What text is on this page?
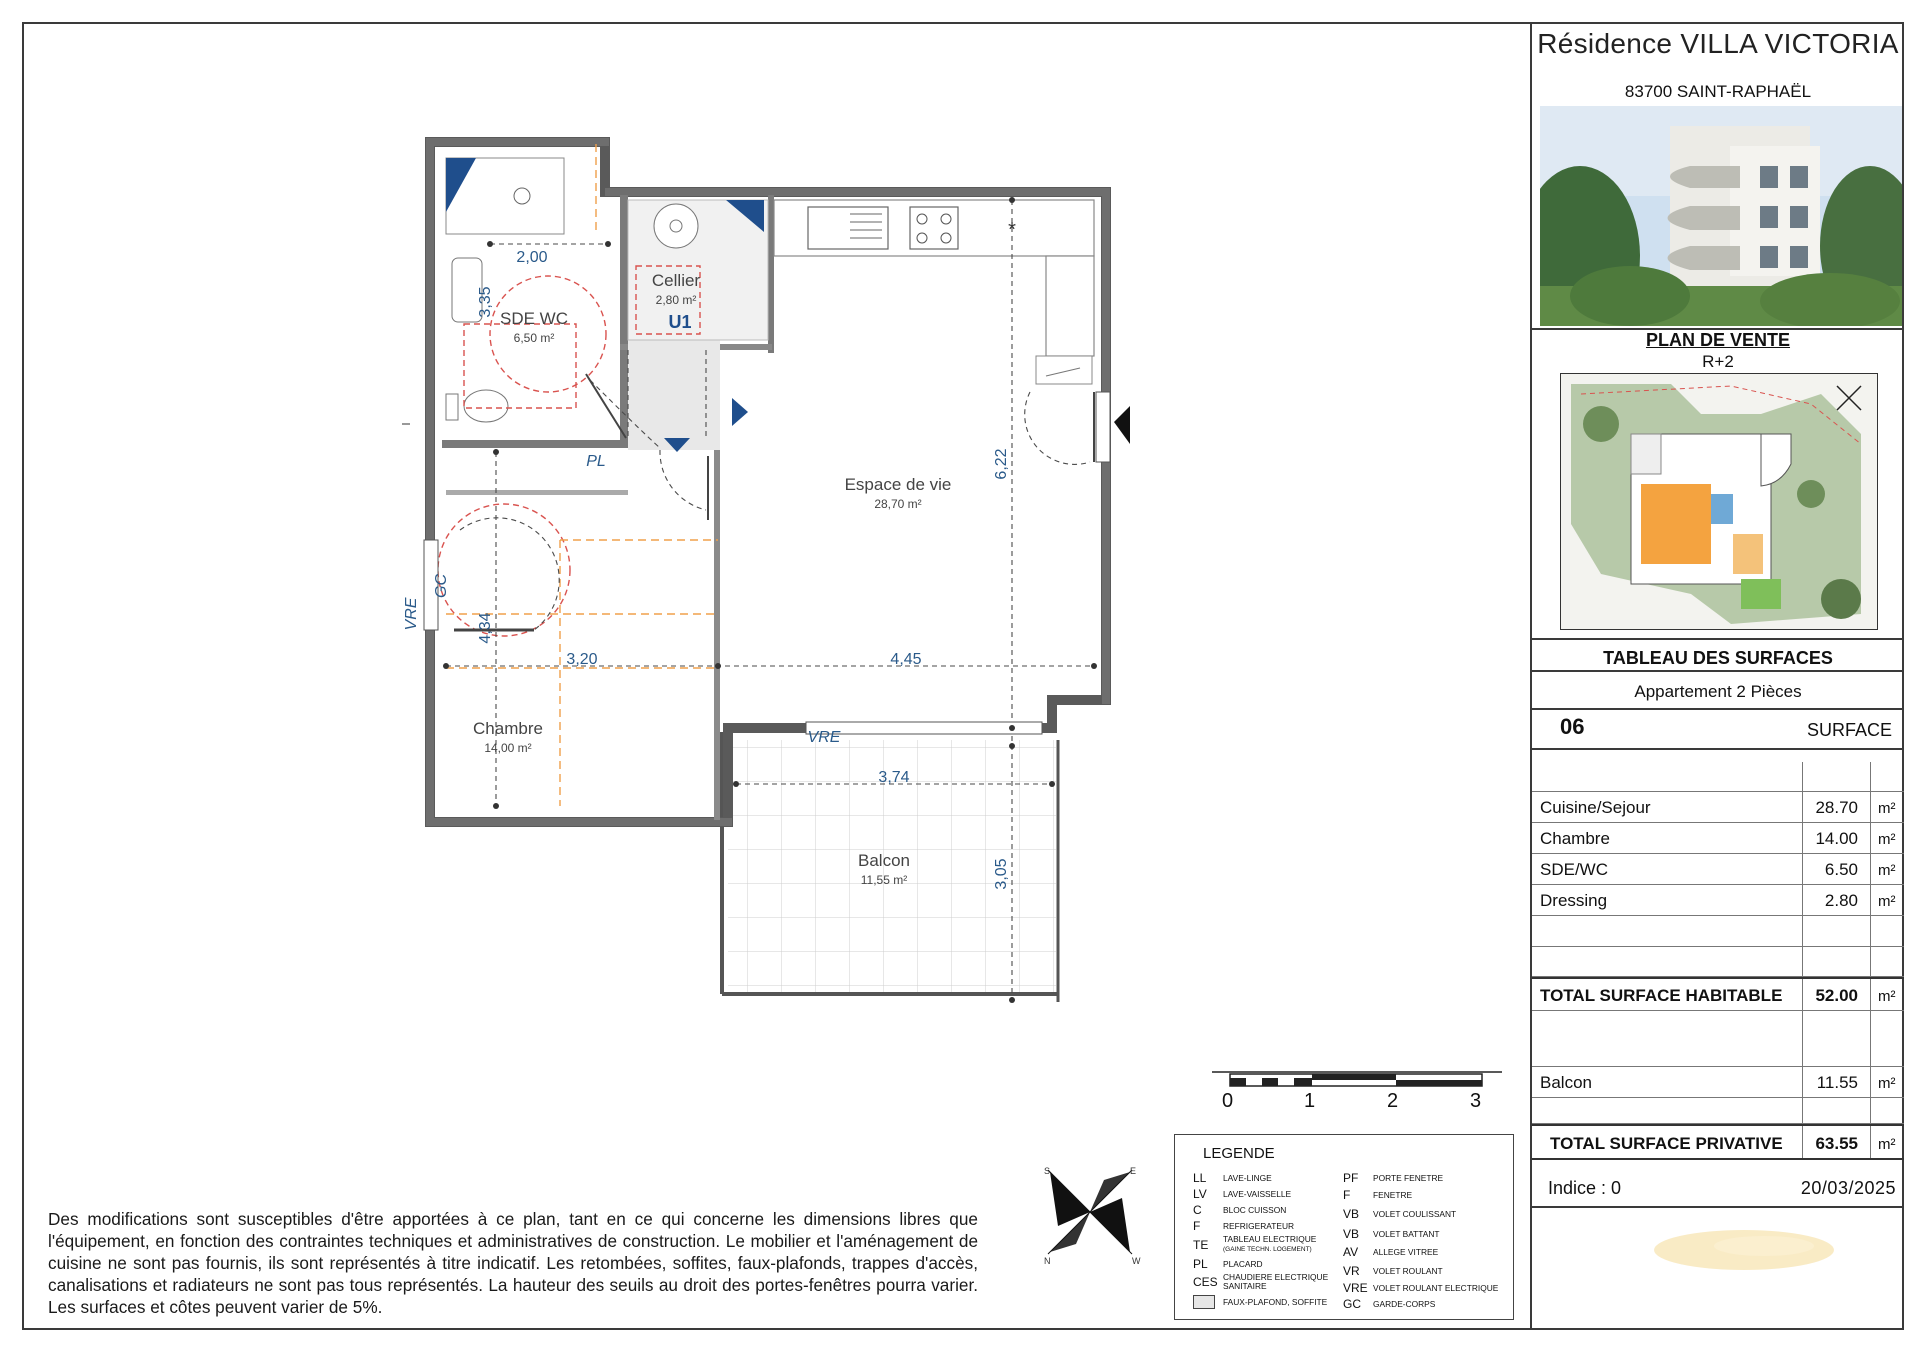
*
SDE WC
6,50 m²
Cellier
2,80 m²
U1
Espace de vie
28,70 m²
Chambre
14,00 m²
Balcon
11,55 m²
2,00
3,35
6,22
4,34
3,20	4,45
3,74
3,05
PL
VRE
GC
VRE
Résidence VILLA VICTORIA
83700 SAINT-RAPHAËL
PLAN DE VENTE
R+2
TABLEAU DES SURFACES
Appartement 2 Pièces
06	SURFACE
Cuisine/Sejour	28.70	m²
Chambre	14.00	m²
SDE/WC	6.50	m²
Dressing	2.80	m²
TOTAL SURFACE HABITABLE	52.00	m²
Balcon	11.55	m²
TOTAL SURFACE PRIVATIVE	63.55	m²
Indice : 0	20/03/2025
0	1	2	3
S	E
N	W
LEGENDE
LL	LAVE-LINGE
LV	LAVE-VAISSELLE
C	BLOC CUISSON
F	REFRIGERATEUR
TE	TABLEAU ELECTRIQUE
(GAINE TECHN. LOGEMENT)
PL	PLACARD
CES CHAUDIERE ELECTRIQUE
SANITAIRE
FAUX-PLAFOND, SOFFITE
PF	PORTE FENETRE
F	FENETRE
VB	VOLET COULISSANT
VB	VOLET BATTANT
AV	ALLEGE VITREE
VR	VOLET ROULANT
VRE VOLET ROULANT ELECTRIQUE
GC	GARDE-CORPS
Des modifications sont susceptibles d'être apportées à ce plan, tant en ce qui concerne les dimensions libres que l'équipement, en fonction des contraintes techniques et administratives de construction. Le mobilier et l'aménagement de cuisine ne sont pas fournis, ils sont représentés à titre indicatif. Les retombées, soffites, faux-plafonds, trappes d'accès, canalisations et radiateurs ne sont pas tous représentés. La hauteur des seuils au droit des portes-fenêtres pourra varier. Les surfaces et côtes peuvent varier de 5%.
